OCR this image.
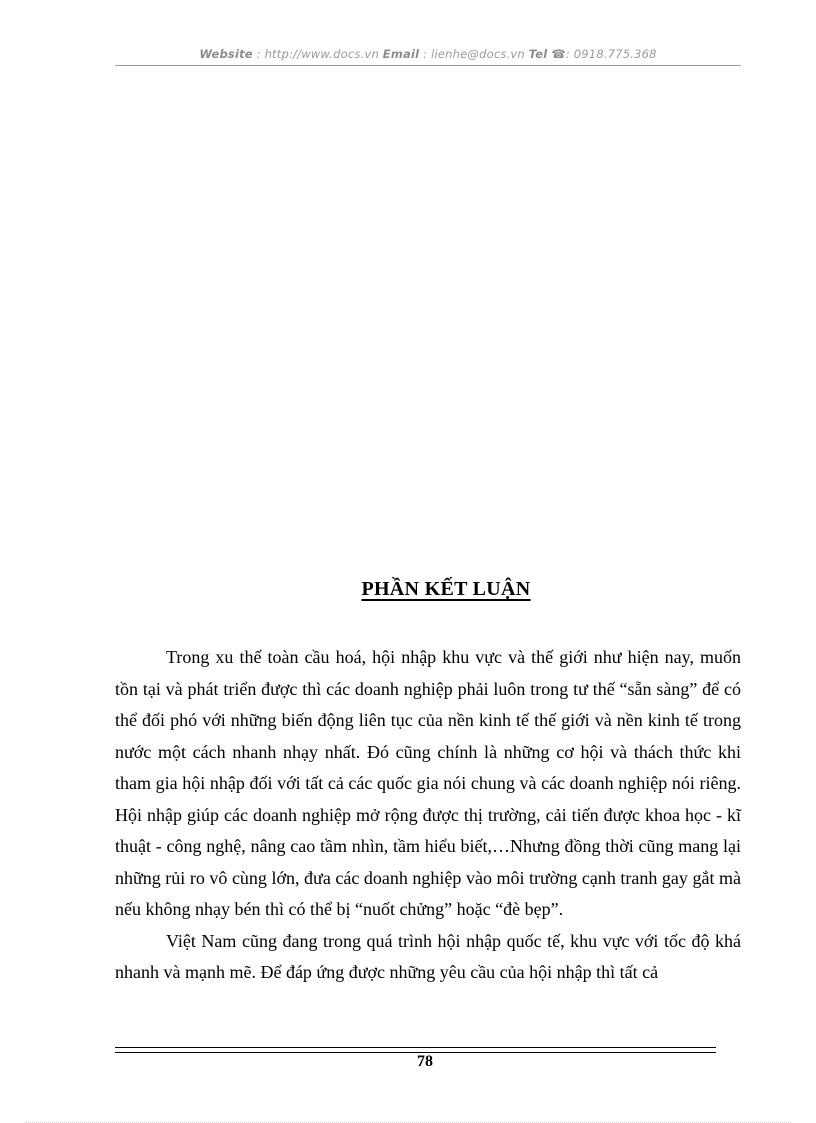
Website : http://www.docs.vn Email : lienhe@docs.vn Tel ☎: 0918.775.368
PHẦN KẾT LUẬN

Trong xu thế toàn cầu hoá, hội nhập khu vực và thế giới như hiện nay, muốn tồn tại và phát triển được thì các doanh nghiệp phải luôn trong tư thế “sẵn sàng” để có thể đối phó với những biến động liên tục của nền kinh tế thế giới và nền kinh tế trong nước một cách nhanh nhạy nhất. Đó cũng chính là những cơ hội và thách thức khi tham gia hội nhập đối với tất cả các quốc gia nói chung và các doanh nghiệp nói riêng. Hội nhập giúp các doanh nghiệp mở rộng được thị trường, cải tiến được khoa học - kĩ thuật - công nghệ, nâng cao tầm nhìn, tầm hiểu biết,…Nhưng đồng thời cũng mang lại những rủi ro vô cùng lớn, đưa các doanh nghiệp vào môi trường cạnh tranh gay gắt mà nếu không nhạy bén thì có thể bị “nuốt chửng” hoặc “đè bẹp”.

Việt Nam cũng đang trong quá trình hội nhập quốc tế, khu vực với tốc độ khá nhanh và mạnh mẽ. Để đáp ứng được những yêu cầu của hội nhập thì tất cả

78
